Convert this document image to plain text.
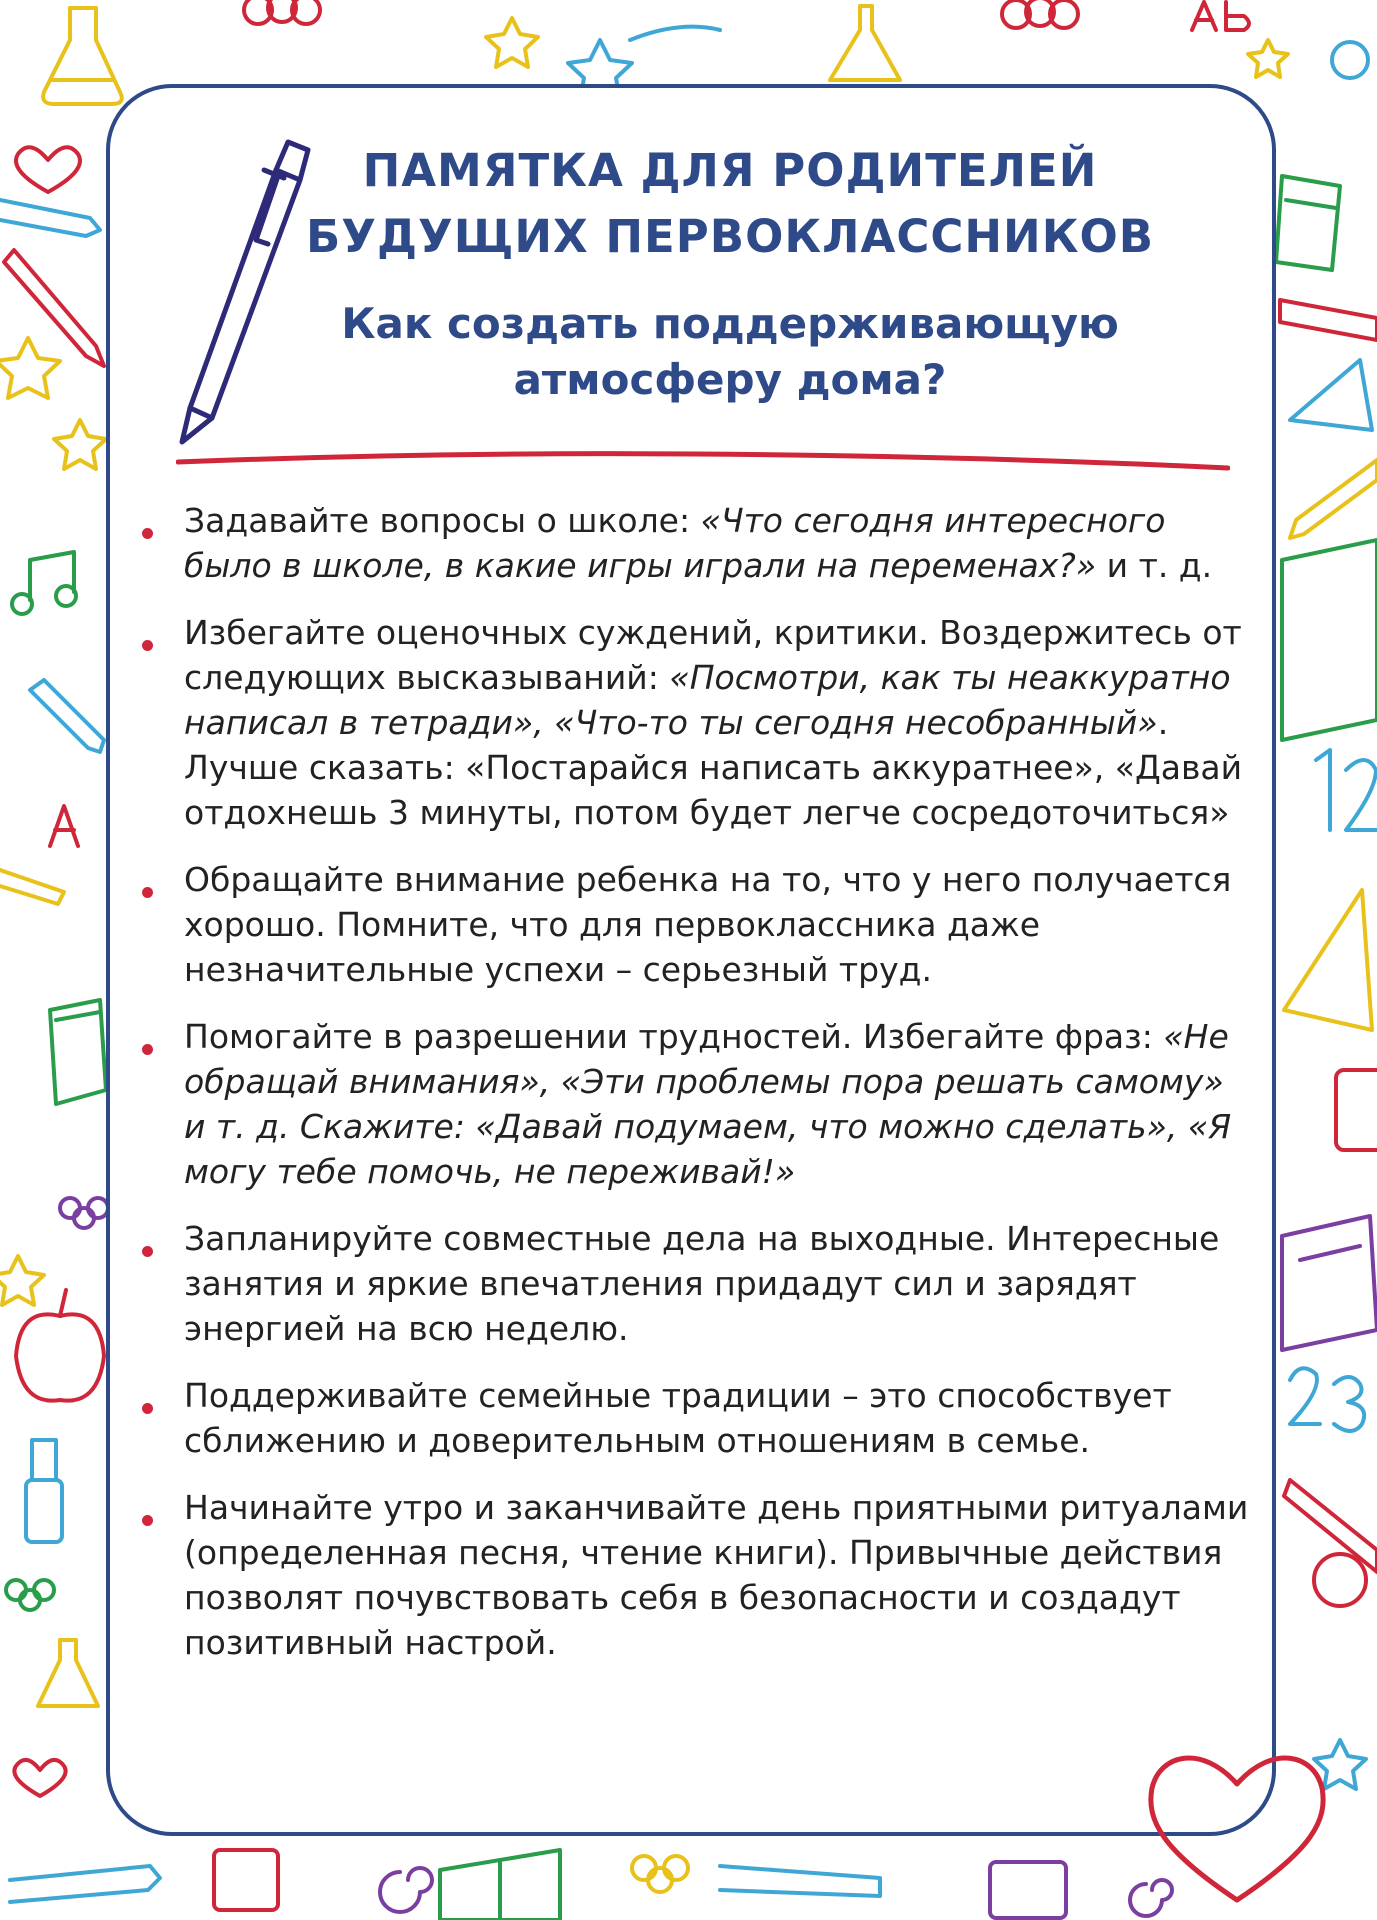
ПАМЯТКА ДЛЯ РОДИТЕЛЕЙ
БУДУЩИХ ПЕРВОКЛАССНИКОВ
Как создать поддерживающую
атмосферу дома?
Задавайте вопросы о школе: «Что сегодня интересного было в школе, в какие игры играли на переменах?» и т. д.
Избегайте оценочных суждений, критики. Воздержитесь от следующих высказываний: «Посмотри, как ты неаккуратно написал в тетради», «Что-то ты сегодня несобранный». Лучше сказать: «Постарайся написать аккуратнее», «Давай отдохнешь 3 минуты, потом будет легче сосредоточиться»
Обращайте внимание ребенка на то, что у него получается хорошо. Помните, что для первоклассника даже незначительные успехи – серьезный труд.
Помогайте в разрешении трудностей. Избегайте фраз: «Не обращай внимания», «Эти проблемы пора решать самому» и т. д. Скажите: «Давай подумаем, что можно сделать», «Я могу тебе помочь, не переживай!»
Запланируйте совместные дела на выходные. Интересные занятия и яркие впечатления придадут сил и зарядят энергией на всю неделю.
Поддерживайте семейные традиции – это способствует сближению и доверительным отношениям в семье.
Начинайте утро и заканчивайте день приятными ритуалами (определенная песня, чтение книги). Привычные действия позволят почувствовать себя в безопасности и создадут позитивный настрой.
